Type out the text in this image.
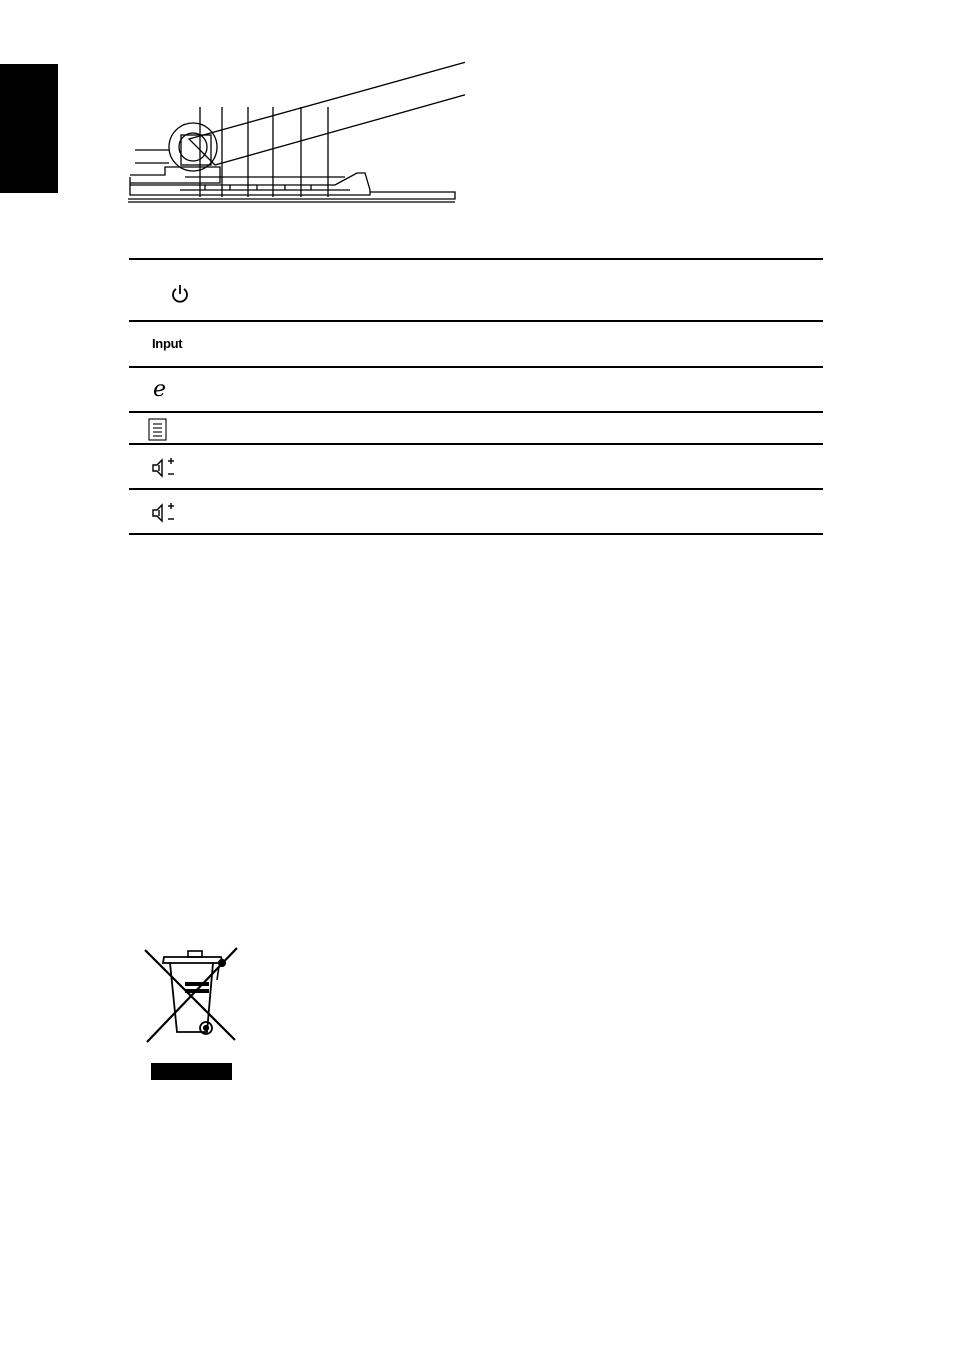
Input	
e	
